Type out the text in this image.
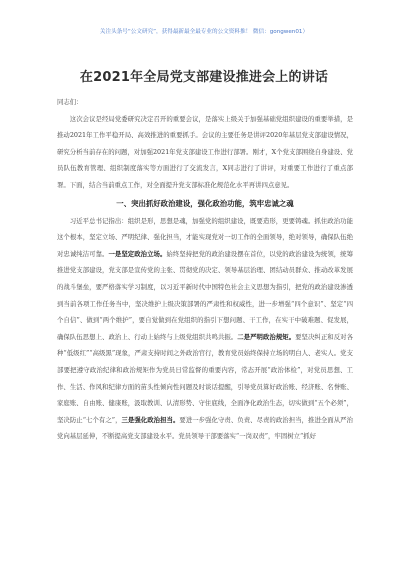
关注头条号“公文研究”，获得最新最全最专业的公文资料推！ 微信：gongwen01）
在2021年全局党支部建设推进会上的讲话
同志们：

这次会议是经局党委研究决定召开的重要会议，是落实上级关于加强基础党组织建设的重要举措，是推动2021年工作平稳开局、高效推进的重要抓手。会议的主要任务是讲评2020年基层党支部建设情况，研究分析当前存在的问题，对加强2021年党支部建设工作进行部署。刚才，X个党支部围绕自身建设、党员队伍教育管理、组织制度落实等方面进行了交流发言，X同志进行了讲评，对重要工作进行了重点部署。下面，结合当前重点工作，对全面提升党支部标准化规范化水平再讲四点意见。

一、突出抓好政治建设，强化政治功能，筑牢忠诚之魂

习近平总书记指出：组织是形，思想是魂，加强党的组织建设，既要造形，更要铸魂。抓住政治功能这个根本，坚定立场、严明纪律、强化担当，才能实现党对一切工作的全面领导，绝对领导，确保队伍绝对忠诚纯洁可靠。一是坚定政治立场。始终坚持把党的政治建设摆在首位，以党的政治建设为统领，统筹推进党支部建设，党支部是宣传党的主张、贯彻党的决定、领导基层治理、团结动员群众、推动改革发展的战斗堡垒，要严格落实学习制度，以习近平新时代中国特色社会主义思想为指引，把党的政治建设渗透到当前各项工作任务当中，坚决维护上级决策部署的严肃性和权威性，进一步增强“四个意识”、坚定“四个自信”、做到“两个维护”，要自觉做到在党组织的指引下想问题、干工作，在实干中破难题、促发展，确保队伍思想上、政治上、行动上始终与上级党组织共鸣共振。二是严明政治规矩。要坚决纠正和反对各种“低级红”“高级黑”现象，严肃支持时间之外政治官行，教育党员始终保持立场的明白人、老实人。党支部要把遵守政治纪律和政治规矩作为党员日常监督的重要内容，常态开展“政治体检”，对党员思想、工作、生活、作风和纪律方面的苗头性倾向性问题及时谈话提醒，引导党员算好政治账、经济账、名誉账、家庭账、自由账、健康账，汲取教训、认清形势、守住底线，全面净化政治生态，切实做到“五个必须”，坚决防止“七个有之”，三是强化政治担当。要进一步强化守责、负责、尽责的政治担当，推进全面从严治党向基层延伸，不断提高党支部建设水平。党员领导干部要落实“一岗双责”，牢固树立“抓好
